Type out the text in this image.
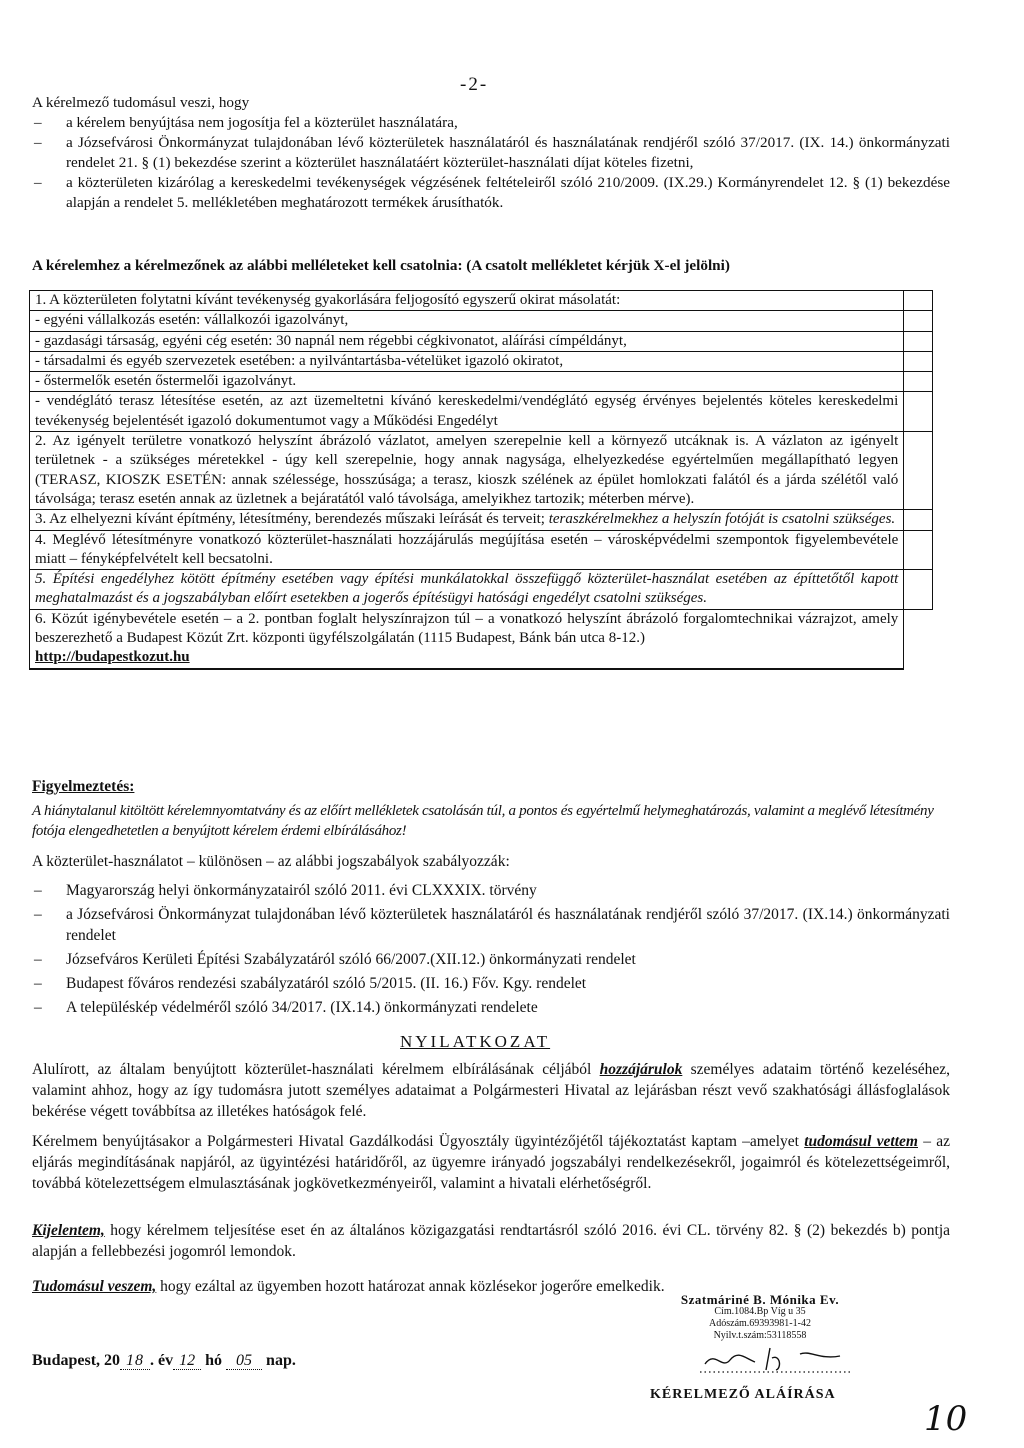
-2-
A kérelmező tudomásul veszi, hogy
– a kérelem benyújtása nem jogosítja fel a közterület használatára,
– a Józsefvárosi Önkormányzat tulajdonában lévő közterületek használatáról és használatának rendjéről szóló 37/2017. (IX. 14.) önkormányzati rendelet 21. § (1) bekezdése szerint a közterület használatáért közterület-használati díjat köteles fizetni,
– a közterületen kizárólag a kereskedelmi tevékenységek végzésének feltételeiről szóló 210/2009. (IX.29.) Kormányrendelet 12. § (1) bekezdése alapján a rendelet 5. mellékletében meghatározott termékek árusíthatók.
A kérelemhez a kérelmezőnek az alábbi melléleteket kell csatolnia: (A csatolt mellékletet kérjük X-el jelölni)
1. A közterületen folytatni kívánt tevékenység gyakorlására feljogosító egyszerű okirat másolatát:	
- egyéni vállalkozás esetén: vállalkozói igazolványt,	
- gazdasági társaság, egyéni cég esetén: 30 napnál nem régebbi cégkivonatot, aláírási címpéldányt,	
- társadalmi és egyéb szervezetek esetében: a nyilvántartásba-vételüket igazoló okiratot,	
- őstermelők esetén őstermelői igazolványt.	
- vendéglátó terasz létesítése esetén, az azt üzemeltetni kívánó kereskedelmi/vendéglátó egység érvényes bejelentés köteles kereskedelmi tevékenység bejelentését igazoló dokumentumot vagy a Működési Engedélyt	
2. Az igényelt területre vonatkozó helyszínt ábrázoló vázlatot, amelyen szerepelnie kell a környező utcáknak is. A vázlaton az igényelt területnek - a szükséges méretekkel - úgy kell szerepelnie, hogy annak nagysága, elhelyezkedése egyértelműen megállapítható legyen (TERASZ, KIOSZK ESETÉN: annak szélessége, hosszúsága; a terasz, kioszk szélének az épület homlokzati falától és a járda szélétől való távolsága; terasz esetén annak az üzletnek a bejáratától való távolsága, amelyikhez tartozik; méterben mérve).	
3. Az elhelyezni kívánt építmény, létesítmény, berendezés műszaki leírását és terveit; teraszkérelmekhez a helyszín fotóját is csatolni szükséges.	
4. Meglévő létesítményre vonatkozó közterület-használati hozzájárulás megújítása esetén – városképvédelmi szempontok figyelembevétele miatt – fényképfelvételt kell becsatolni.	
5. Építési engedélyhez kötött építmény esetében vagy építési munkálatokkal összefüggő közterület-használat esetében az építtetőtől kapott meghatalmazást és a jogszabályban előírt esetekben a jogerős építésügyi hatósági engedélyt csatolni szükséges.	
6. Közút igénybevétele esetén – a 2. pontban foglalt helyszínrajzon túl – a vonatkozó helyszínt ábrázoló forgalomtechnikai vázrajzot, amely beszerezhető a Budapest Közút Zrt. központi ügyfélszolgálatán (1115 Budapest, Bánk bán utca 8-12.)
http://budapestkozut.hu	
Figyelmeztetés:
A hiánytalanul kitöltött kérelemnyomtatvány és az előírt mellékletek csatolásán túl, a pontos és egyértelmű helymeghatározás, valamint a meglévő létesítmény fotója elengedhetetlen a benyújtott kérelem érdemi elbírálásához!
A közterület-használatot – különösen – az alábbi jogszabályok szabályozzák:
– Magyarország helyi önkormányzatairól szóló 2011. évi CLXXXIX. törvény
– a Józsefvárosi Önkormányzat tulajdonában lévő közterületek használatáról és használatának rendjéről szóló 37/2017. (IX.14.) önkormányzati rendelet
– Józsefváros Kerületi Építési Szabályzatáról szóló 66/2007.(XII.12.) önkormányzati rendelet
– Budapest főváros rendezési szabályzatáról szóló 5/2015. (II. 16.) Főv. Kgy. rendelet
– A településkép védelméről szóló 34/2017. (IX.14.) önkormányzati rendelete
NYILATKOZAT
Alulírott, az általam benyújtott közterület-használati kérelmem elbírálásának céljából hozzájárulok személyes adataim történő kezeléséhez, valamint ahhoz, hogy az így tudomásra jutott személyes adataimat a Polgármesteri Hivatal az lejárásban részt vevő szakhatósági állásfoglalások bekérése végett továbbítsa az illetékes hatóságok felé.
Kérelmem benyújtásakor a Polgármesteri Hivatal Gazdálkodási Ügyosztály ügyintézőjétől tájékoztatást kaptam –amelyet tudomásul vettem – az eljárás megindításának napjáról, az ügyintézési határidőről, az ügyemre irányadó jogszabályi rendelkezésekről, jogaimról és kötelezettségeimről, továbbá kötelezettségem elmulasztásának jogkövetkezményeiről, valamint a hivatali elérhetőségről.
Kijelentem, hogy kérelmem teljesítése eset én az általános közigazgatási rendtartásról szóló 2016. évi CL. törvény 82. § (2) bekezdés b) pontja alapján a fellebbezési jogomról lemondok.
Tudomásul veszem, hogy ezáltal az ügyemben hozott határozat annak közlésekor jogerőre emelkedik.
Szatmáriné B. Mónika Ev.
Cím.1084.Bp Víg u 35
Adószám.69393981-1-42
Nyilv.t.szám:53118558
Budapest, 20 18 . év 12 hó 05 nap.
KÉRELMEZŐ ALÁÍRÁSA
10
